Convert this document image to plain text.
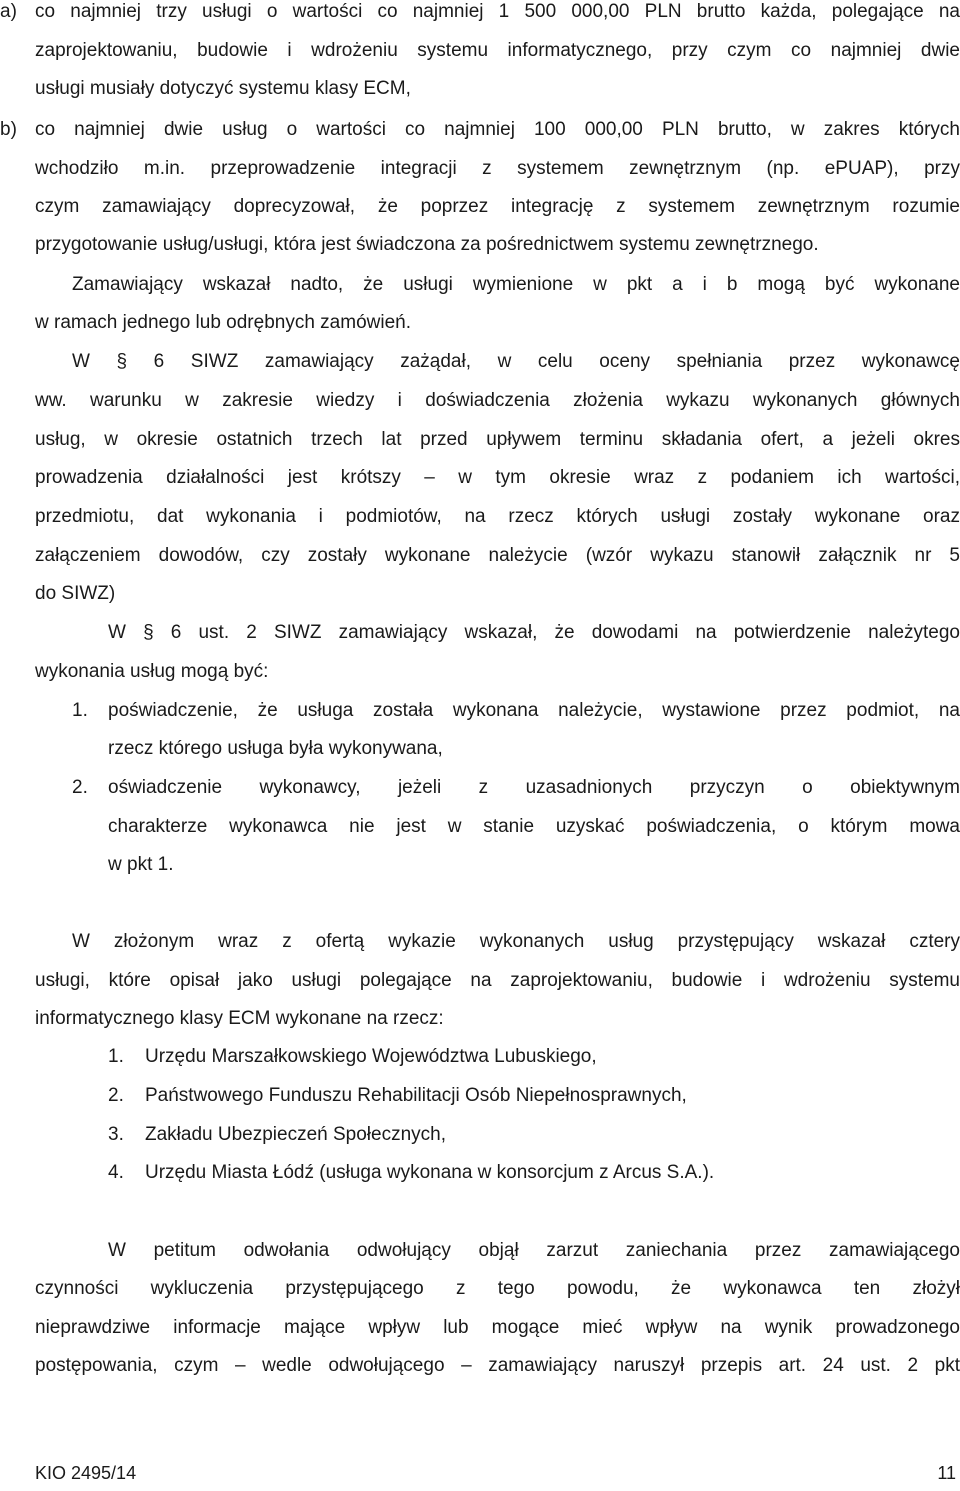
a) co najmniej trzy usługi o wartości co najmniej 1 500 000,00 PLN brutto każda, polegające na
zaprojektowaniu, budowie i wdrożeniu systemu informatycznego, przy czym co najmniej dwie
usługi musiały dotyczyć systemu klasy ECM,
b) co najmniej dwie usług o wartości co najmniej 100 000,00 PLN brutto, w zakres których
wchodziło m.in. przeprowadzenie integracji z systemem zewnętrznym (np. ePUAP), przy
czym zamawiający doprecyzował, że poprzez integrację z systemem zewnętrznym rozumie
przygotowanie usług/usługi, która jest świadczona za pośrednictwem systemu zewnętrznego.
Zamawiający wskazał nadto, że usługi wymienione w pkt a i b mogą być wykonane
w ramach jednego lub odrębnych zamówień.
W § 6 SIWZ zamawiający zażądał, w celu oceny spełniania przez wykonawcę
ww. warunku w zakresie wiedzy i doświadczenia złożenia wykazu wykonanych głównych
usług, w okresie ostatnich trzech lat przed upływem terminu składania ofert, a jeżeli okres
prowadzenia działalności jest krótszy – w tym okresie wraz z podaniem ich wartości,
przedmiotu, dat wykonania i podmiotów, na rzecz których usługi zostały wykonane oraz
załączeniem dowodów, czy zostały wykonane należycie (wzór wykazu stanowił załącznik nr 5
do SIWZ)
W § 6 ust. 2 SIWZ zamawiający wskazał, że dowodami na potwierdzenie należytego
wykonania usług mogą być:
1. poświadczenie, że usługa została wykonana należycie, wystawione przez podmiot, na
rzecz którego usługa była wykonywana,
2. oświadczenie wykonawcy, jeżeli z uzasadnionych przyczyn o obiektywnym
charakterze wykonawca nie jest w stanie uzyskać poświadczenia, o którym mowa
w pkt 1.
W złożonym wraz z ofertą wykazie wykonanych usług przystępujący wskazał cztery
usługi, które opisał jako usługi polegające na zaprojektowaniu, budowie i wdrożeniu systemu
informatycznego klasy ECM wykonane na rzecz:
1. Urzędu Marszałkowskiego Województwa Lubuskiego,
2. Państwowego Funduszu Rehabilitacji Osób Niepełnosprawnych,
3. Zakładu Ubezpieczeń Społecznych,
4. Urzędu Miasta Łódź (usługa wykonana w konsorcjum z Arcus S.A.).
W petitum odwołania odwołujący objął zarzut zaniechania przez zamawiającego
czynności wykluczenia przystępującego z tego powodu, że wykonawca ten złożył
nieprawdziwe informacje mające wpływ lub mogące mieć wpływ na wynik prowadzonego
postępowania, czym – wedle odwołującego – zamawiający naruszył przepis art. 24 ust. 2 pkt
KIO 2495/14	11
